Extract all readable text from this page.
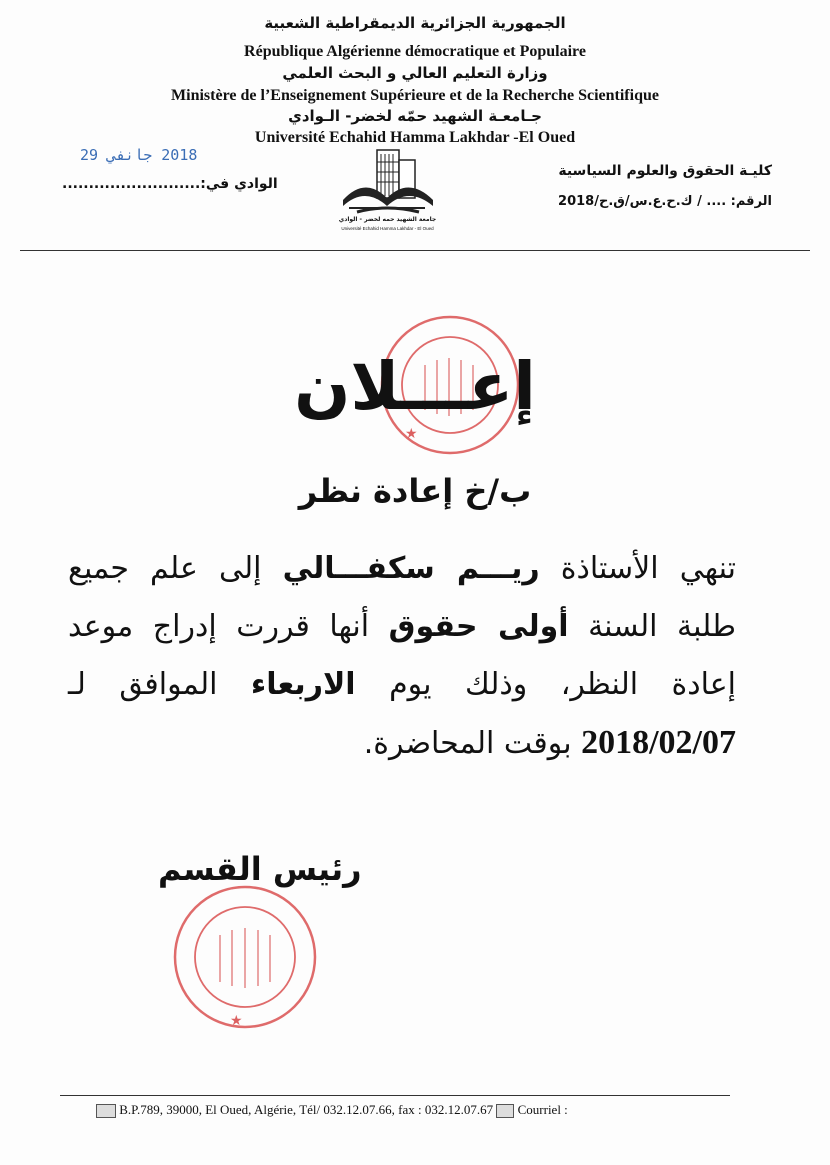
الجمهورية الجزائرية الديمقراطية الشعبية
République Algérienne démocratique et Populaire
وزارة التعليم العالي و البحث العلمي
Ministère de l’Enseignement Supérieure et de la Recherche Scientifique
جـامعـة الشهيد حمّه لخضر- الـوادي
Université Echahid Hamma Lakhdar -El Oued
2018 جانفي 29
الوادي في:..........................
كليـة الحقوق والعلوم السياسية
الرقم: .... / ك.ح.ع.س/ق.ح/2018
جامعة الشهيد حمه لخضر - الوادي
Université Echahid Hamma Lakhdar - El Oued
★
إعـــلان
ب/خ إعادة نظر
تنهي الأستاذة ريـــم سكفـــالي إلى علم جميع
طلبة السنة أولى حقوق أنها قررت إدراج موعد
إعادة النظر، وذلك يوم الاربعاء الموافق لـ
2018/02/07 بوقت المحاضرة.
رئيس القسم
★
B.P.789, 39000, El Oued, Algérie, Tél/ 032.12.07.66, fax : 032.12.07.67 Courriel :
